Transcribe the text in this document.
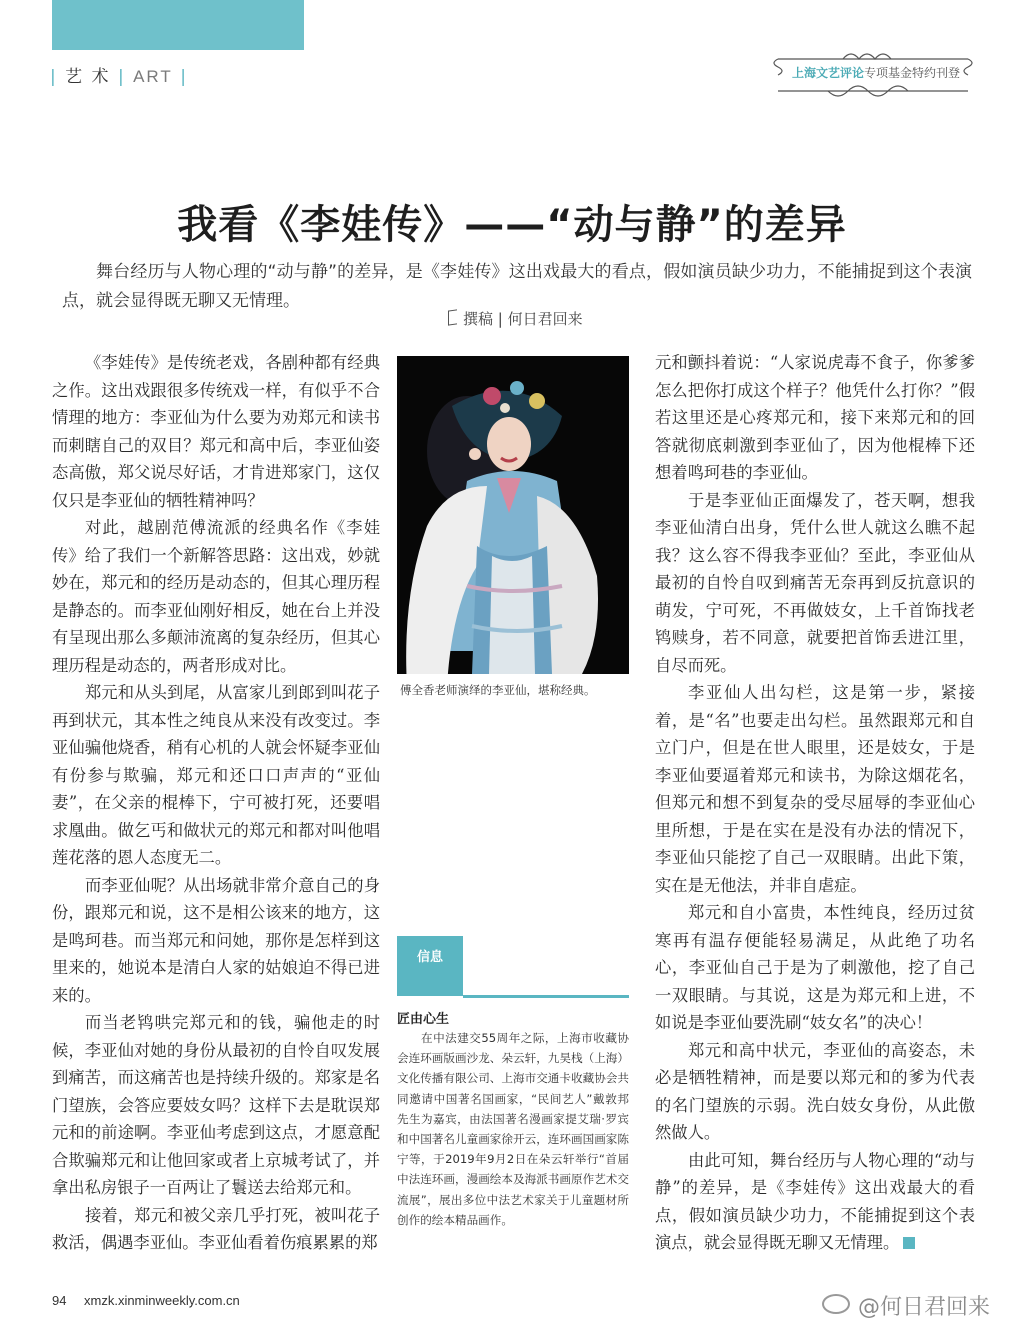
| 艺 术 | ART |	上海文艺评论专项基金特约刊登
我看《李娃传》——“动与静”的差异
舞台经历与人物心理的“动与静”的差异，是《李娃传》这出戏最大的看点，假如演员缺少功力，不能捕捉到这个表演点，就会显得既无聊又无情理。
撰稿 | 何日君回来

《李娃传》是传统老戏，各剧种都有经典之作。这出戏跟很多传统戏一样，有似乎不合情理的地方：李亚仙为什么要为劝郑元和读书而刺瞎自己的双目？郑元和高中后，李亚仙姿态高傲，郑父说尽好话，才肯进郑家门，这仅仅只是李亚仙的牺牲精神吗？

对此，越剧范傅流派的经典名作《李娃传》给了我们一个新解答思路：这出戏，妙就妙在，郑元和的经历是动态的，但其心理历程是静态的。而李亚仙刚好相反，她在台上并没有呈现出那么多颠沛流离的复杂经历，但其心理历程是动态的，两者形成对比。

郑元和从头到尾，从富家儿到郎到叫花子再到状元，其本性之纯良从来没有改变过。李亚仙骗他烧香，稍有心机的人就会怀疑李亚仙有份参与欺骗，郑元和还口口声声的“亚仙妻”，在父亲的棍棒下，宁可被打死，还要唱求凰曲。做乞丐和做状元的郑元和都对叫他唱莲花落的恩人态度无二。

而李亚仙呢？从出场就非常介意自己的身份，跟郑元和说，这不是相公该来的地方，这是鸣珂巷。而当郑元和问她，那你是怎样到这里来的，她说本是清白人家的姑娘迫不得已进来的。

而当老鸨哄完郑元和的钱，骗他走的时候，李亚仙对她的身份从最初的自怜自叹发展到痛苦，而这痛苦也是持续升级的。郑家是名门望族，会答应要妓女吗？这样下去是耽误郑元和的前途啊。李亚仙考虑到这点，才愿意配合欺骗郑元和让他回家或者上京城考试了，并拿出私房银子一百两让了鬟送去给郑元和。

接着，郑元和被父亲几乎打死，被叫花子救活，偶遇李亚仙。李亚仙看着伤痕累累的郑

傅全香老师演绎的李亚仙，堪称经典。
信息
匠由心生
在中法建交55周年之际，上海市收藏协会连环画版画沙龙、朵云轩，九昊栈（上海）文化传播有限公司、上海市交通卡收藏协会共同邀请中国著名国画家，“民间艺人”戴敦邦先生为嘉宾，由法国著名漫画家提艾瑞·罗宾和中国著名儿童画家徐开云，连环画国画家陈宁等，于2019年9月2日在朵云轩举行“首届中法连环画，漫画绘本及海派书画原作艺术交流展”，展出多位中法艺术家关于儿童题材所创作的绘本精品画作。

元和颤抖着说：“人家说虎毒不食子，你爹爹怎么把你打成这个样子？他凭什么打你？”假若这里还是心疼郑元和，接下来郑元和的回答就彻底刺激到李亚仙了，因为他棍棒下还想着鸣珂巷的李亚仙。

于是李亚仙正面爆发了，苍天啊，想我李亚仙清白出身，凭什么世人就这么瞧不起我？这么容不得我李亚仙？至此，李亚仙从最初的自怜自叹到痛苦无奈再到反抗意识的萌发，宁可死，不再做妓女，上千首饰找老鸨赎身，若不同意，就要把首饰丢进江里，自尽而死。

李亚仙人出勾栏，这是第一步，紧接着，是“名”也要走出勾栏。虽然跟郑元和自立门户，但是在世人眼里，还是妓女，于是李亚仙要逼着郑元和读书，为除这烟花名，但郑元和想不到复杂的受尽屈辱的李亚仙心里所想，于是在实在是没有办法的情况下，李亚仙只能挖了自己一双眼睛。出此下策，实在是无他法，并非自虐症。

郑元和自小富贵，本性纯良，经历过贫寒再有温存便能轻易满足，从此绝了功名心，李亚仙自己于是为了刺激他，挖了自己一双眼睛。与其说，这是为郑元和上进，不如说是李亚仙要洗刷“妓女名”的决心！

郑元和高中状元，李亚仙的高姿态，未必是牺牲精神，而是要以郑元和的爹为代表的名门望族的示弱。洗白妓女身份，从此傲然做人。

由此可知，舞台经历与人物心理的“动与静”的差异，是《李娃传》这出戏最大的看点，假如演员缺少功力，不能捕捉到这个表演点，就会显得既无聊又无情理。

94 xmzk.xinminweekly.com.cn	@何日君回来
